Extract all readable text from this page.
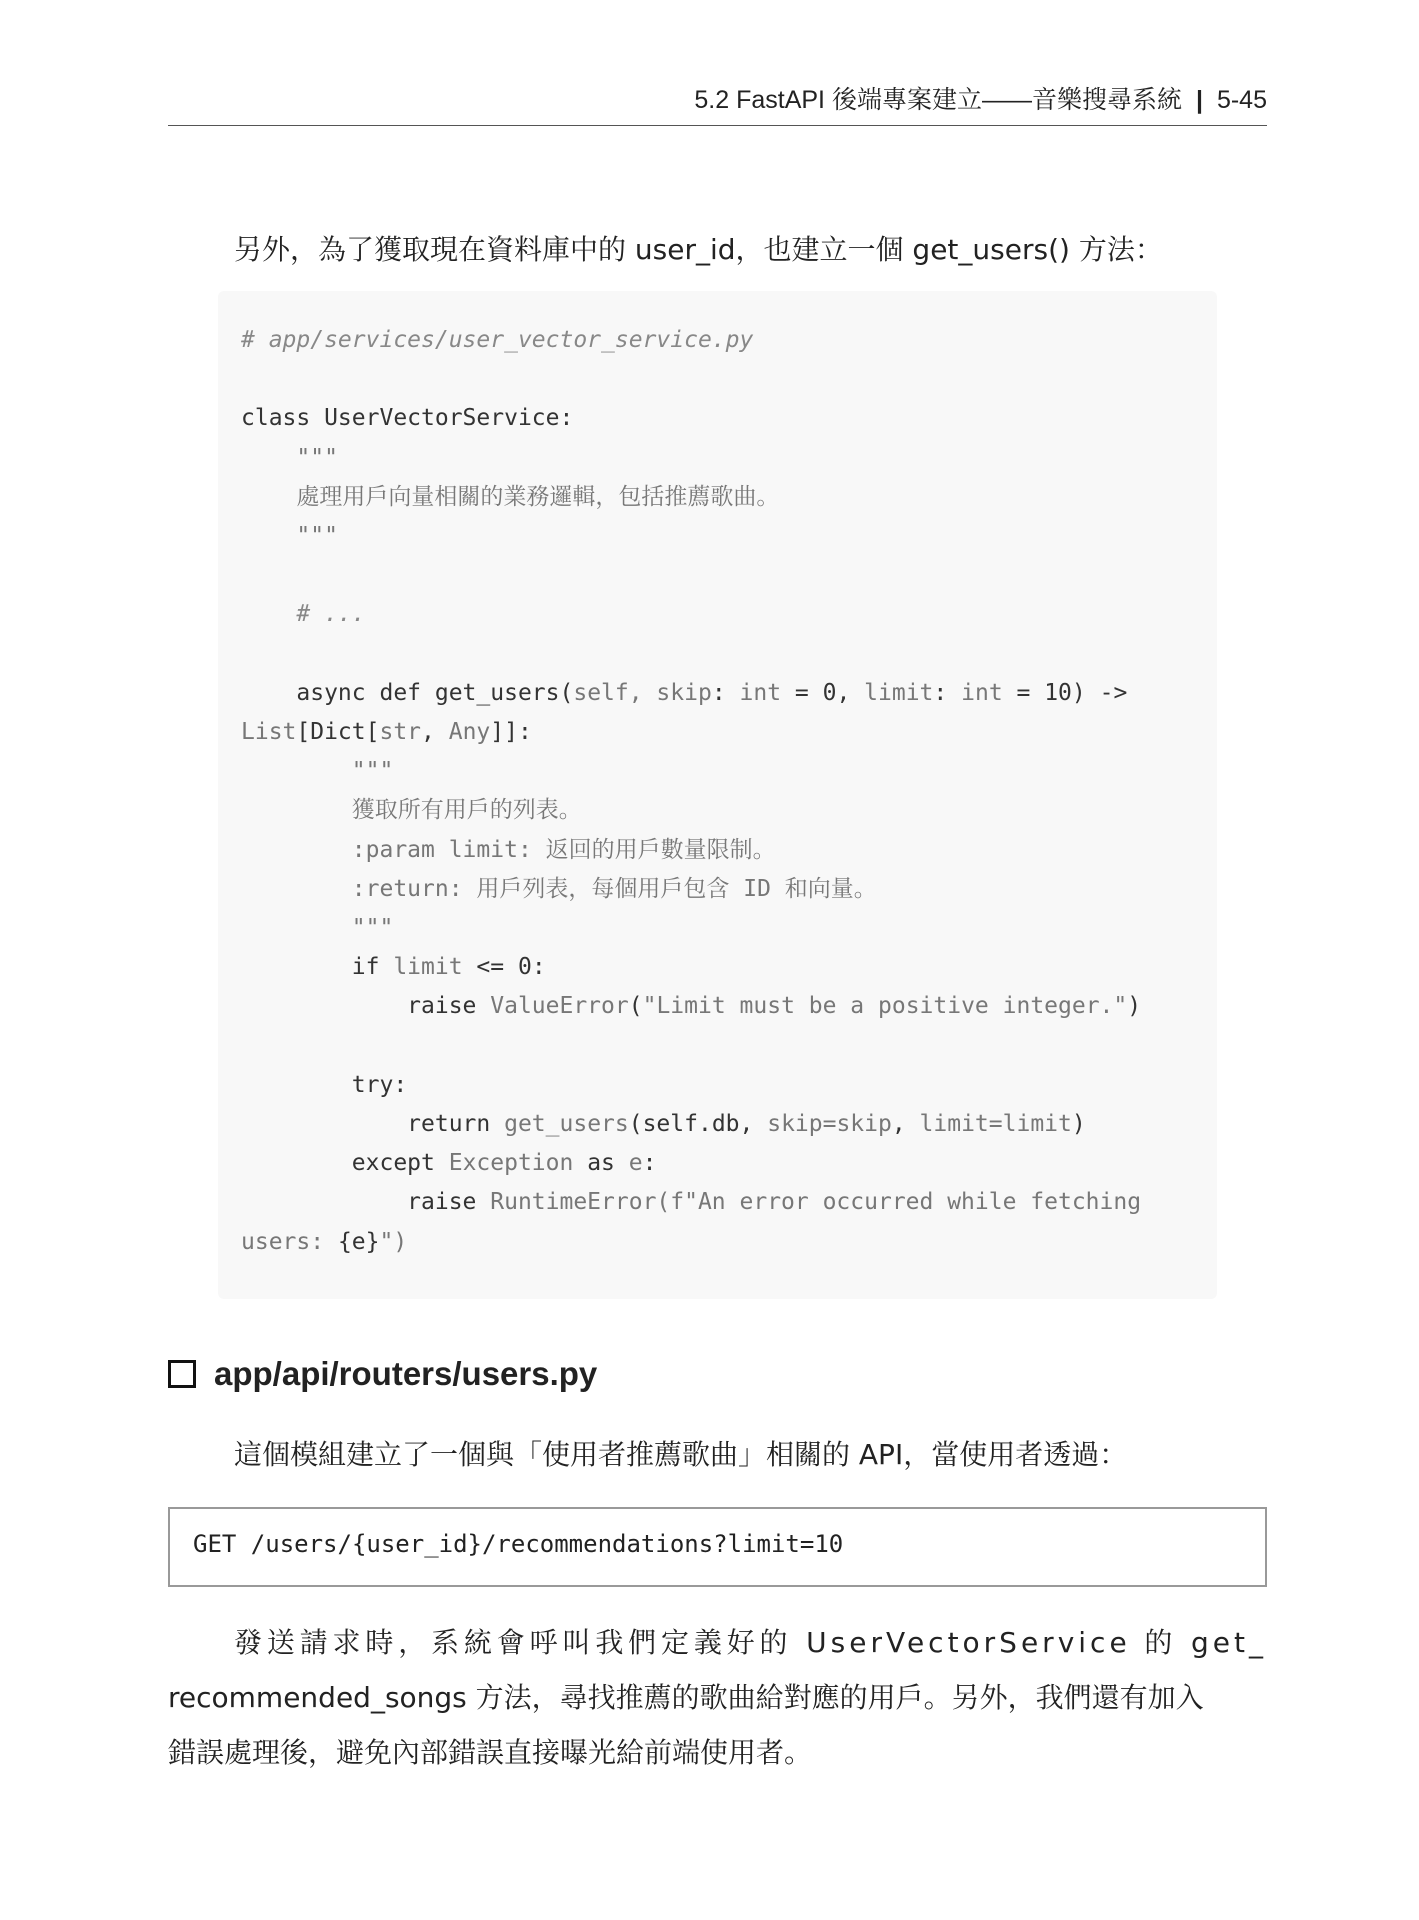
5.2 FastAPI 後端專案建立——音樂搜尋系統 | 5-45
另外，為了獲取現在資料庫中的 user_id，也建立一個 get_users() 方法：
# app/services/user_vector_service.py

class UserVectorService:
"""
處理用戶向量相關的業務邏輯，包括推薦歌曲。
"""

# ...

async def get_users(self, skip: int = 0, limit: int = 10) ->
List[Dict[str, Any]]:
"""
獲取所有用戶的列表。
:param limit: 返回的用戶數量限制。
:return: 用戶列表，每個用戶包含 ID 和向量。
"""
if limit <= 0:
raise ValueError("Limit must be a positive integer.")

try:
return get_users(self.db, skip=skip, limit=limit)
except Exception as e:
raise RuntimeError(f"An error occurred while fetching
users: {e}")
app/api/routers/users.py
這個模組建立了一個與「使用者推薦歌曲」相關的 API，當使用者透過：
GET /users/{user_id}/recommendations?limit=10
發送請求時，系統會呼叫我們定義好的 UserVectorService 的 get_
recommended_songs 方法，尋找推薦的歌曲給對應的用戶。另外，我們還有加入
錯誤處理後，避免內部錯誤直接曝光給前端使用者。
